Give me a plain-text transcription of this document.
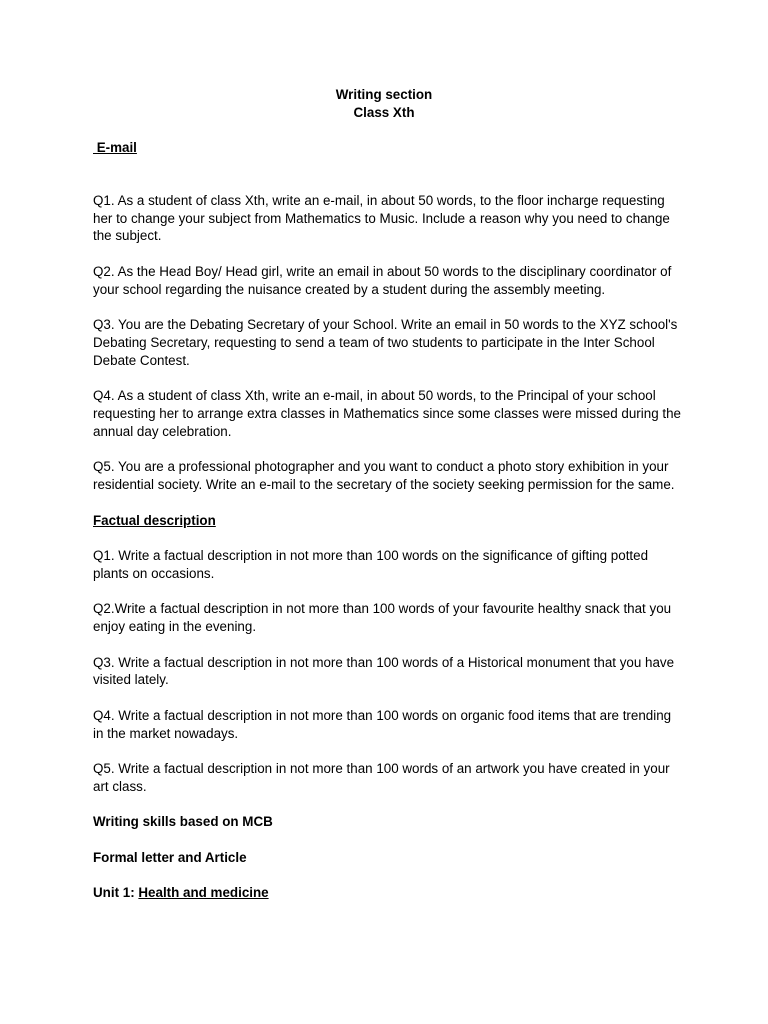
Writing section
Class Xth

E-mail

Q1. As a student of class Xth, write an e-mail, in about 50 words, to the floor incharge requesting her to change your subject from Mathematics to Music. Include a reason why you need to change the subject.

Q2. As the Head Boy/ Head girl, write an email in about 50 words to the disciplinary coordinator of your school regarding the nuisance created by a student during the assembly meeting.

Q3. You are the Debating Secretary of your School. Write an email in 50 words to the XYZ school's Debating Secretary, requesting to send a team of two students to participate in the Inter School Debate Contest.

Q4. As a student of class Xth, write an e-mail, in about 50 words, to the Principal of your school requesting her to arrange extra classes in Mathematics since some classes were missed during the annual day celebration.

Q5. You are a professional photographer and you want to conduct a photo story exhibition in your residential society. Write an e-mail to the secretary of the society seeking permission for the same.

Factual description

Q1. Write a factual description in not more than 100 words on the significance of gifting potted plants on occasions.

Q2.Write a factual description in not more than 100 words of your favourite healthy snack that you enjoy eating in the evening.

Q3. Write a factual description in not more than 100 words of a Historical monument that you have visited lately.

Q4. Write a factual description in not more than 100 words on organic food items that are trending in the market nowadays.

Q5. Write a factual description in not more than 100 words of an artwork you have created in your art class.

Writing skills based on MCB

Formal letter and Article

Unit 1: Health and medicine
